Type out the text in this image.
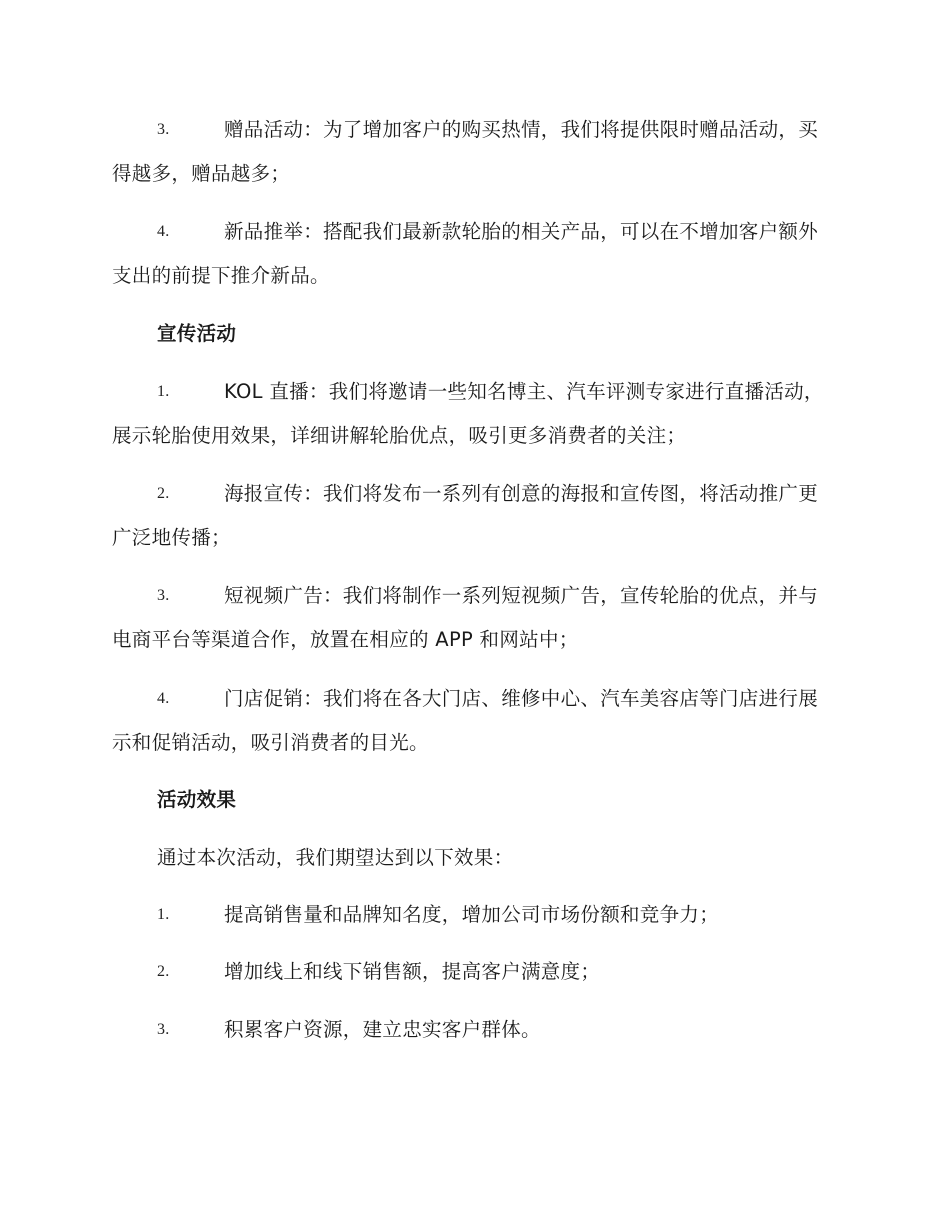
3.	赠品活动：为了增加客户的购买热情，我们将提供限时赠品活动，买得越多，赠品越多；
4.	新品推举：搭配我们最新款轮胎的相关产品，可以在不增加客户额外支出的前提下推介新品。
宣传活动
1.	KOL 直播：我们将邀请一些知名博主、汽车评测专家进行直播活动，展示轮胎使用效果，详细讲解轮胎优点，吸引更多消费者的关注；
2.	海报宣传：我们将发布一系列有创意的海报和宣传图，将活动推广更广泛地传播；
3.	短视频广告：我们将制作一系列短视频广告，宣传轮胎的优点，并与电商平台等渠道合作，放置在相应的 APP 和网站中；
4.	门店促销：我们将在各大门店、维修中心、汽车美容店等门店进行展示和促销活动，吸引消费者的目光。
活动效果
通过本次活动，我们期望达到以下效果：
1.	提高销售量和品牌知名度，增加公司市场份额和竞争力；
2.	增加线上和线下销售额，提高客户满意度；
3.	积累客户资源，建立忠实客户群体。
